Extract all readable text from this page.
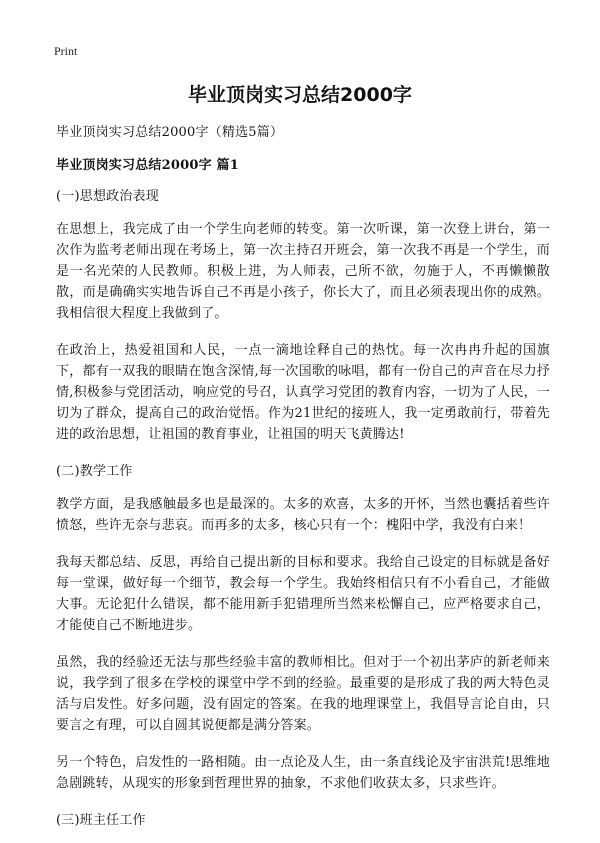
Print
毕业顶岗实习总结2000字

毕业顶岗实习总结2000字（精选5篇）

毕业顶岗实习总结2000字 篇1

(一)思想政治表现

在思想上，我完成了由一个学生向老师的转变。第一次听课，第一次登上讲台，第一次作为监考老师出现在考场上，第一次主持召开班会，第一次我不再是一个学生，而是一名光荣的人民教师。积极上进，为人师表，己所不欲，勿施于人，不再懒懒散散，而是确确实实地告诉自己不再是小孩子，你长大了，而且必须表现出你的成熟。我相信很大程度上我做到了。

在政治上，热爱祖国和人民，一点一滴地诠释自己的热忱。每一次冉冉升起的国旗下，都有一双我的眼睛在饱含深情,每一次国歌的咏唱，都有一份自己的声音在尽力抒情,积极参与党团活动，响应党的号召，认真学习党团的教育内容，一切为了人民，一切为了群众，提高自己的政治觉悟。作为21世纪的接班人，我一定勇敢前行，带着先进的政治思想，让祖国的教育事业，让祖国的明天飞黄腾达!

(二)教学工作

教学方面，是我感触最多也是最深的。太多的欢喜，太多的开怀，当然也囊括着些许愤怒，些许无奈与悲哀。而再多的太多，核心只有一个：槐阳中学，我没有白来！

我每天都总结、反思，再给自己提出新的目标和要求。我给自己设定的目标就是备好每一堂课，做好每一个细节，教会每一个学生。我始终相信只有不小看自己，才能做大事。无论犯什么错误，都不能用新手犯错理所当然来松懈自己，应严格要求自己，才能使自己不断地进步。

虽然，我的经验还无法与那些经验丰富的教师相比。但对于一个初出茅庐的新老师来说，我学到了很多在学校的课堂中学不到的经验。最重要的是形成了我的两大特色灵活与启发性。好多问题，没有固定的答案。在我的地理课堂上，我倡导言论自由，只要言之有理，可以自圆其说便都是满分答案。

另一个特色，启发性的一路相随。由一点论及人生，由一条直线论及宇宙洪荒!思维地急剧跳转，从现实的形象到哲理世界的抽象，不求他们收获太多，只求些许。

(三)班主任工作
